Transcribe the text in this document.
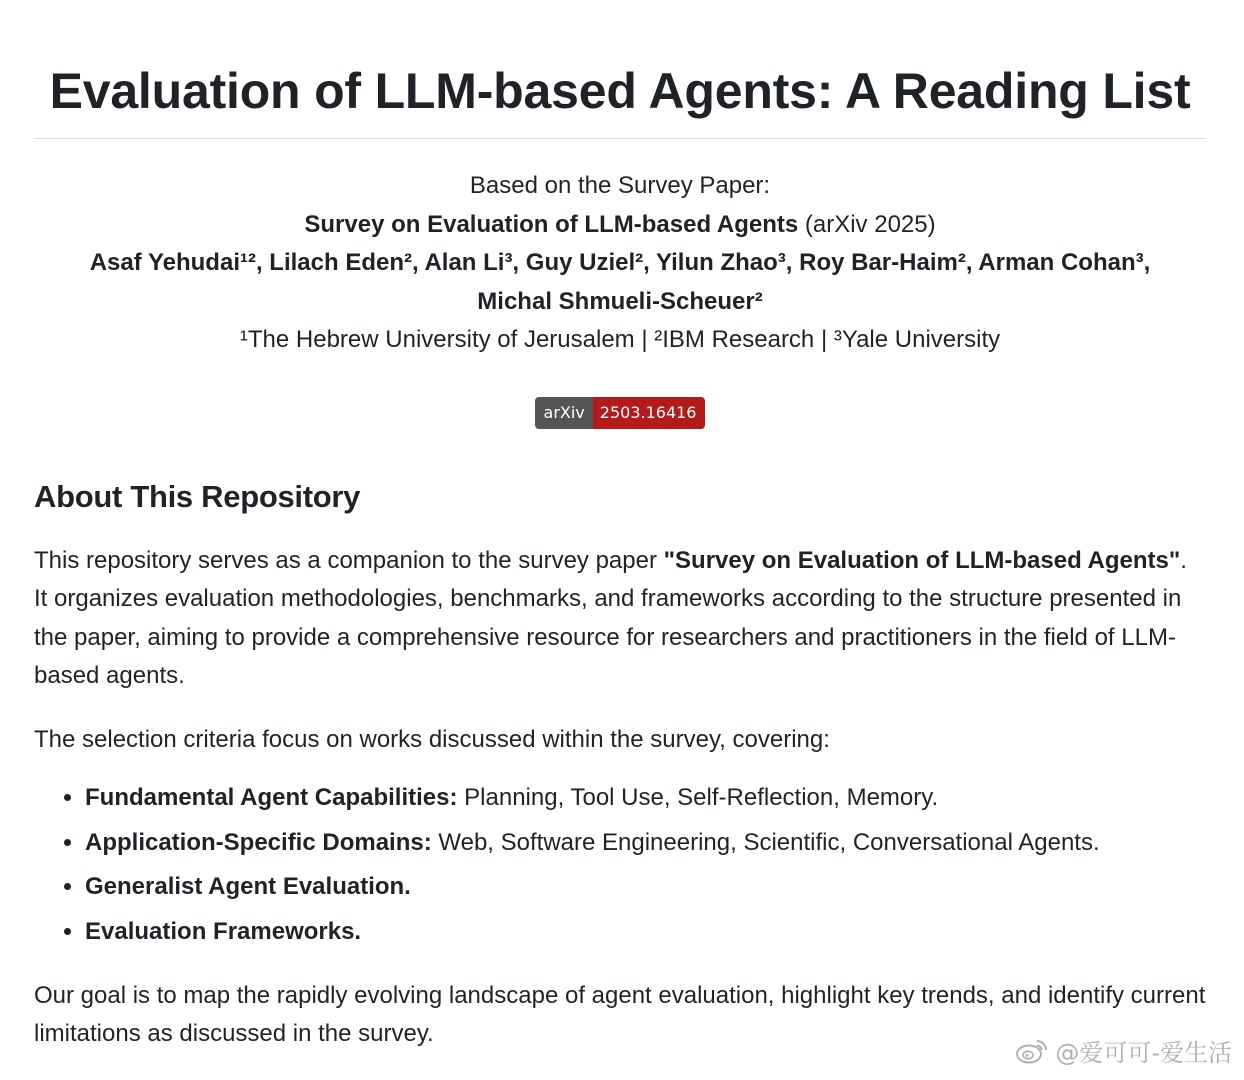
Evaluation of LLM-based Agents: A Reading List
Based on the Survey Paper:
Survey on Evaluation of LLM-based Agents (arXiv 2025)
Asaf Yehudai¹², Lilach Eden², Alan Li³, Guy Uziel², Yilun Zhao³, Roy Bar-Haim², Arman Cohan³,
Michal Shmueli-Scheuer²
¹The Hebrew University of Jerusalem | ²IBM Research | ³Yale University
arXiv 2503.16416
About This Repository

This repository serves as a companion to the survey paper "Survey on Evaluation of LLM-based Agents". It organizes evaluation methodologies, benchmarks, and frameworks according to the structure presented in the paper, aiming to provide a comprehensive resource for researchers and practitioners in the field of LLM-based agents.

The selection criteria focus on works discussed within the survey, covering:

• Fundamental Agent Capabilities: Planning, Tool Use, Self-Reflection, Memory.
• Application-Specific Domains: Web, Software Engineering, Scientific, Conversational Agents.
• Generalist Agent Evaluation.
• Evaluation Frameworks.

Our goal is to map the rapidly evolving landscape of agent evaluation, highlight key trends, and identify current limitations as discussed in the survey.

@爱可可-爱生活
